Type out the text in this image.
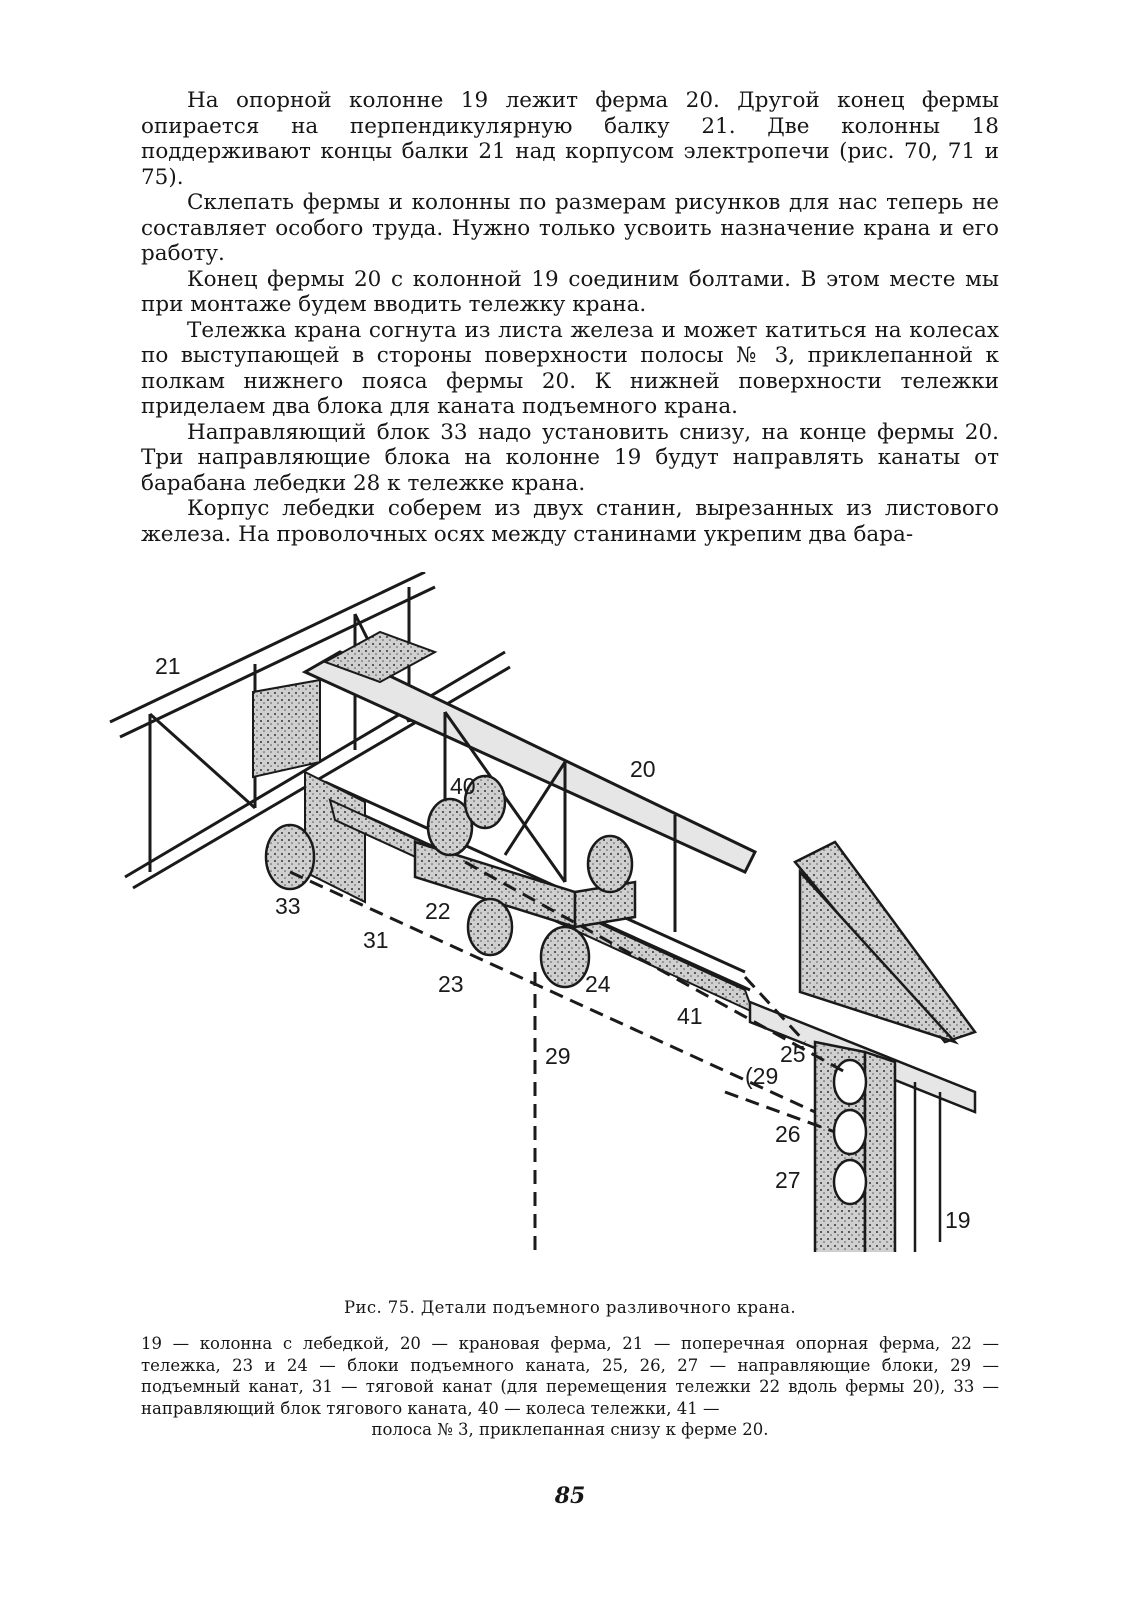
На опорной колонне 19 лежит ферма 20. Другой конец фермы опирается на перпендикулярную балку 21. Две колонны 18 поддерживают концы балки 21 над корпусом электропечи (рис. 70, 71 и 75).

Склепать фермы и колонны по размерам рисунков для нас теперь не составляет особого труда. Нужно только усвоить назначение крана и его работу.

Конец фермы 20 с колонной 19 соединим болтами. В этом месте мы при монтаже будем вводить тележку крана.

Тележка крана согнута из листа железа и может катиться на колесах по выступающей в стороны поверхности полосы № 3, приклепанной к полкам нижнего пояса фермы 20. К нижней поверхности тележки приделаем два блока для каната подъемного крана.

Направляющий блок 33 надо установить снизу, на конце фермы 20. Три направляющие блока на колонне 19 будут направлять канаты от барабана лебедки 28 к тележке крана.

Корпус лебедки соберем из двух станин, вырезанных из листового железа. На проволочных осях между станинами укрепим два бара-

21
20
40
33	22
31
23	24
41
29
(29
25
26
27
19
Рис. 75. Детали подъемного разливочного крана.

19 — колонна с лебедкой, 20 — крановая ферма, 21 — поперечная опорная ферма, 22 — тележка, 23 и 24 — блоки подъемного каната, 25, 26, 27 — направляющие блоки, 29 — подъемный канат, 31 — тяговой канат (для перемещения тележки 22 вдоль фермы 20), 33 — направляющий блок тягового каната, 40 — колеса тележки, 41 —

полоса № 3, приклепанная снизу к ферме 20.

85
